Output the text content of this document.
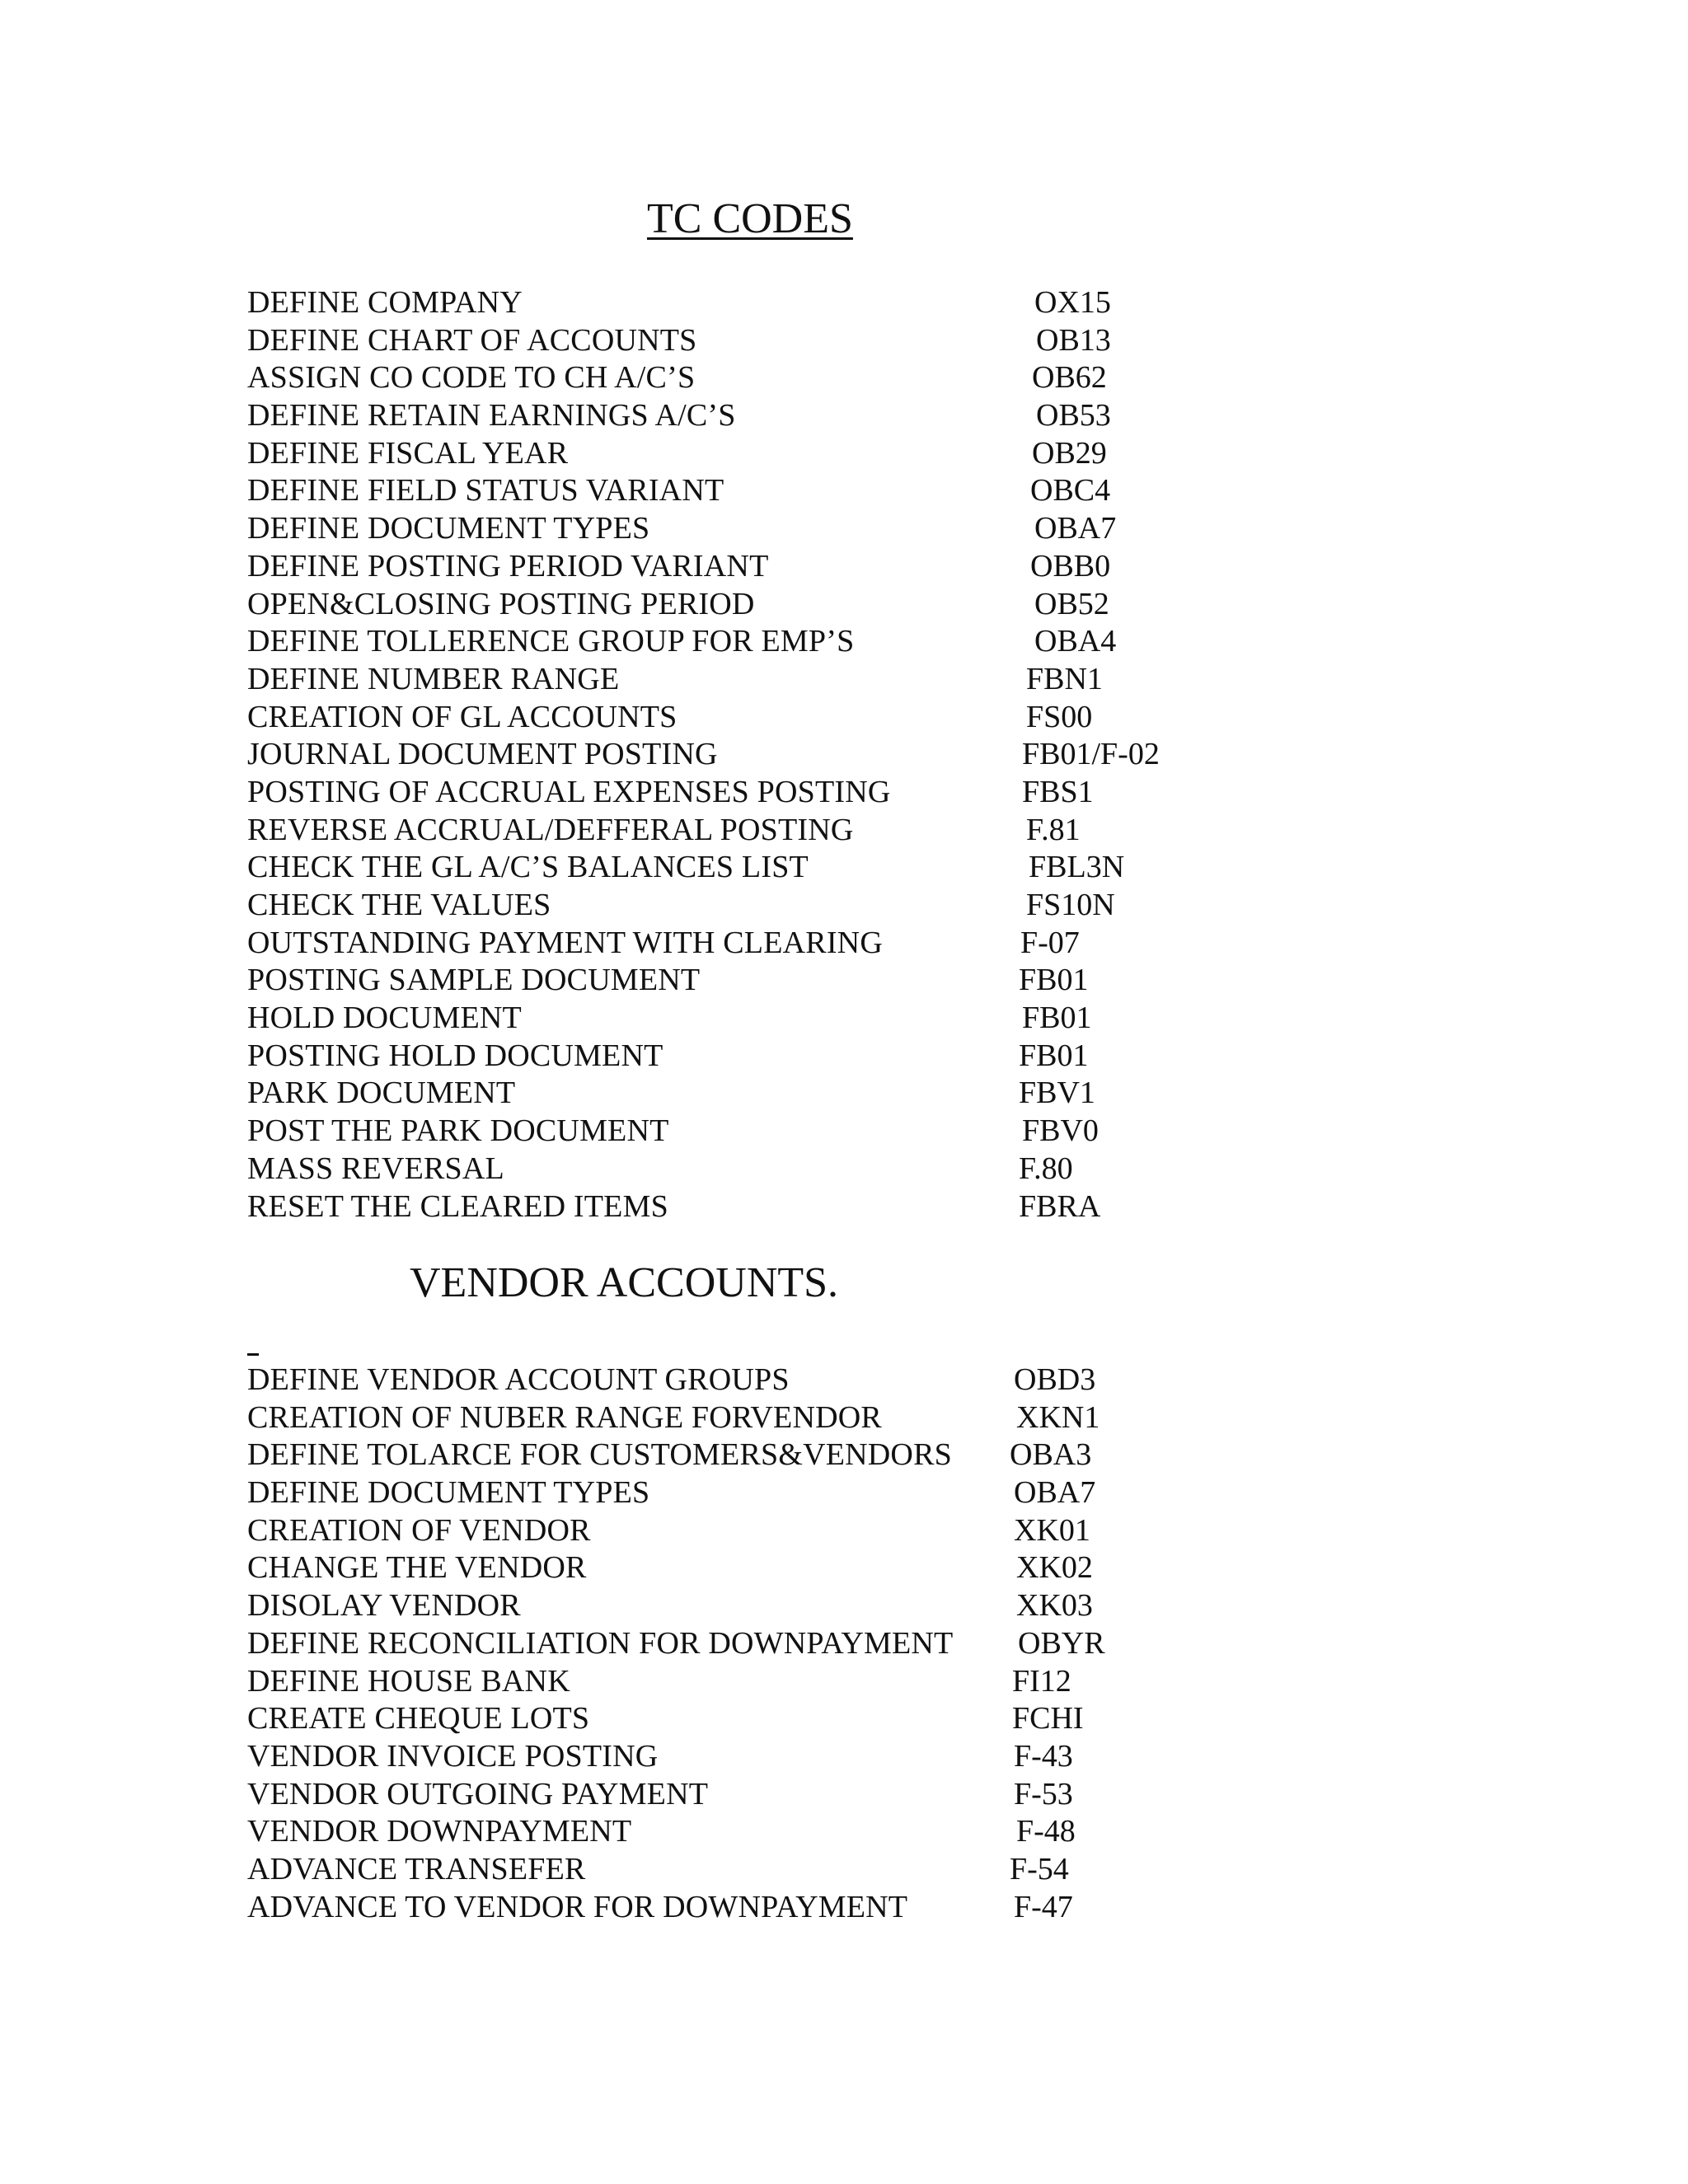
TC CODES
DEFINE COMPANY	OX15
DEFINE CHART OF ACCOUNTS	OB13
ASSIGN CO CODE TO CH A/C’S	OB62
DEFINE RETAIN EARNINGS A/C’S	OB53
DEFINE FISCAL YEAR	OB29
DEFINE FIELD STATUS VARIANT	OBC4
DEFINE DOCUMENT TYPES	OBA7
DEFINE POSTING PERIOD VARIANT	OBB0
OPEN&CLOSING POSTING PERIOD	OB52
DEFINE TOLLERENCE GROUP FOR EMP’S	OBA4
DEFINE NUMBER RANGE	FBN1
CREATION OF GL ACCOUNTS	FS00
JOURNAL DOCUMENT POSTING	FB01/F-02
POSTING OF ACCRUAL EXPENSES POSTING	FBS1
REVERSE ACCRUAL/DEFFERAL POSTING	F.81
CHECK THE GL A/C’S BALANCES LIST	FBL3N
CHECK THE VALUES	FS10N
OUTSTANDING PAYMENT WITH CLEARING	F-07
POSTING SAMPLE DOCUMENT	FB01
HOLD DOCUMENT	FB01
POSTING HOLD DOCUMENT	FB01
PARK DOCUMENT	FBV1
POST THE PARK DOCUMENT	FBV0
MASS REVERSAL	F.80
RESET THE CLEARED ITEMS	FBRA
VENDOR ACCOUNTS.
DEFINE VENDOR ACCOUNT GROUPS	OBD3
CREATION OF NUBER RANGE FORVENDOR	XKN1
DEFINE TOLARCE FOR CUSTOMERS&VENDORS OBA3
DEFINE DOCUMENT TYPES	OBA7
CREATION OF VENDOR	XK01
CHANGE THE VENDOR	XK02
DISOLAY VENDOR	XK03
DEFINE RECONCILIATION FOR DOWNPAYMENT OBYR
DEFINE HOUSE BANK	FI12
CREATE CHEQUE LOTS	FCHI
VENDOR INVOICE POSTING	F-43
VENDOR OUTGOING PAYMENT	F-53
VENDOR DOWNPAYMENT	F-48
ADVANCE TRANSEFER	F-54
ADVANCE TO VENDOR FOR DOWNPAYMENT	F-47
